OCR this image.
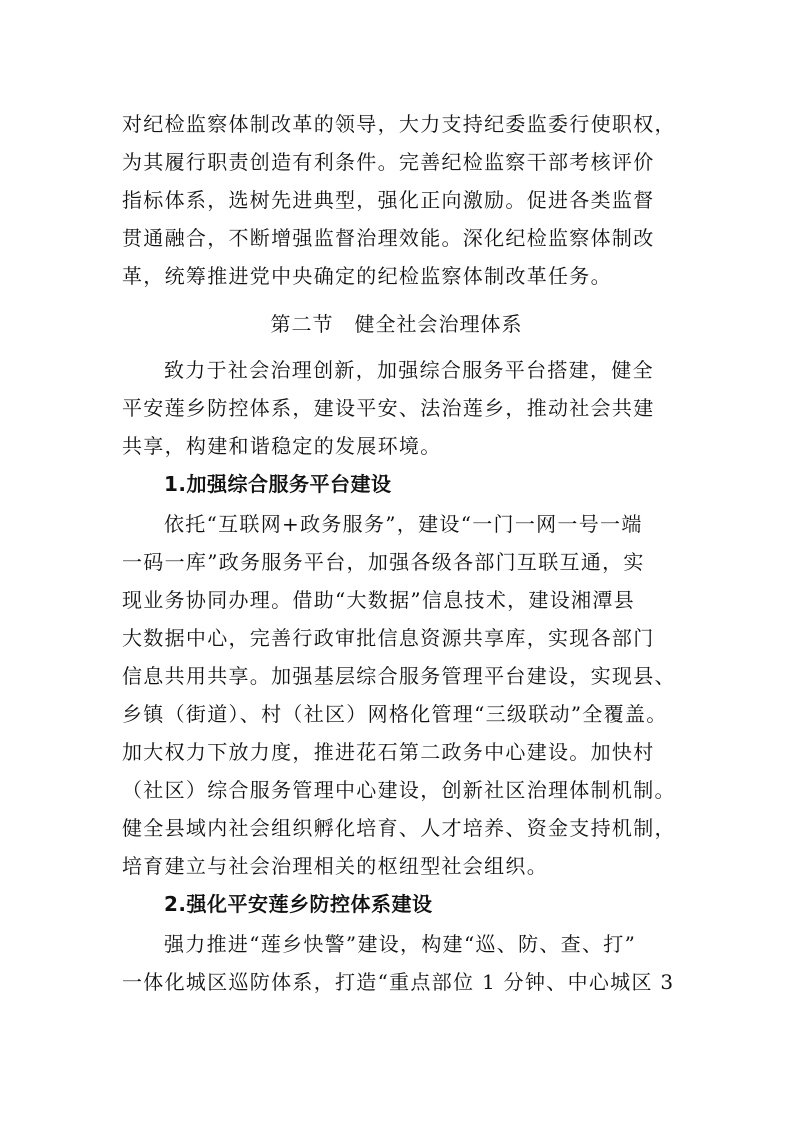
对纪检监察体制改革的领导，大力支持纪委监委行使职权，
为其履行职责创造有利条件。完善纪检监察干部考核评价
指标体系，选树先进典型，强化正向激励。促进各类监督
贯通融合，不断增强监督治理效能。深化纪检监察体制改
革，统筹推进党中央确定的纪检监察体制改革任务。
第二节　健全社会治理体系
致力于社会治理创新，加强综合服务平台搭建，健全
平安莲乡防控体系，建设平安、法治莲乡，推动社会共建
共享，构建和谐稳定的发展环境。
1.加强综合服务平台建设
依托“互联网+政务服务”，建设“一门一网一号一端
一码一库”政务服务平台，加强各级各部门互联互通，实
现业务协同办理。借助“大数据”信息技术，建设湘潭县
大数据中心，完善行政审批信息资源共享库，实现各部门
信息共用共享。加强基层综合服务管理平台建设，实现县、
乡镇（街道）、村（社区）网格化管理“三级联动”全覆盖。
加大权力下放力度，推进花石第二政务中心建设。加快村
（社区）综合服务管理中心建设，创新社区治理体制机制。
健全县域内社会组织孵化培育、人才培养、资金支持机制，
培育建立与社会治理相关的枢纽型社会组织。
2.强化平安莲乡防控体系建设
强力推进“莲乡快警”建设，构建“巡、防、查、打”
一体化城区巡防体系，打造“重点部位 1 分钟、中心城区 3
